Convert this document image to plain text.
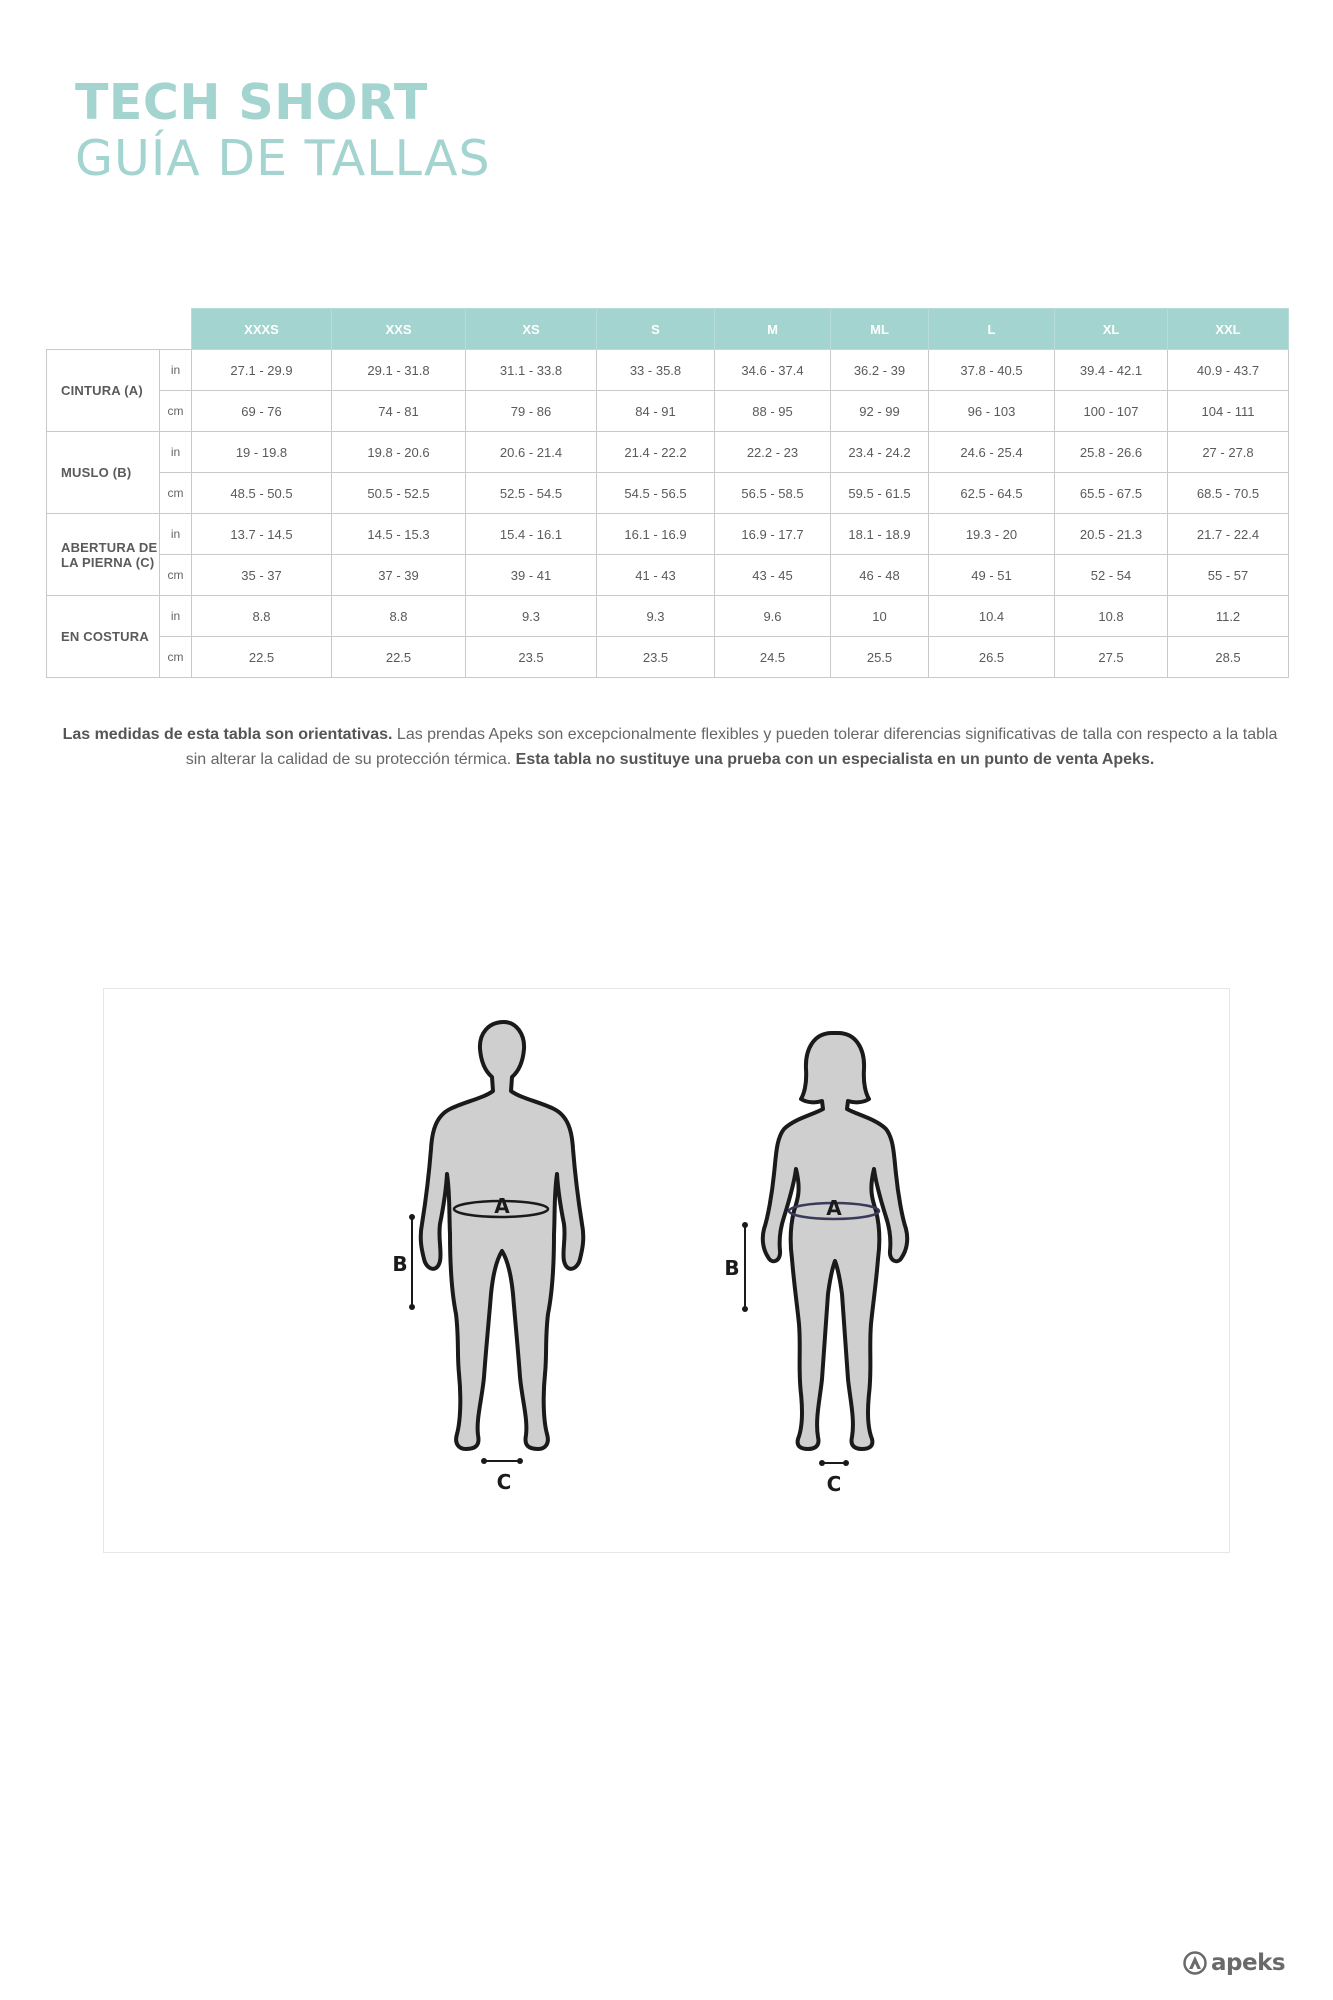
TECH SHORT
GUÍA DE TALLAS
		XXXS	XXS	XS	S	M	ML	L	XL	XXL
CINTURA (A)	in	27.1 - 29.9	29.1 - 31.8	31.1 - 33.8	33 - 35.8	34.6 - 37.4	36.2 - 39	37.8 - 40.5	39.4 - 42.1	40.9 - 43.7
	cm	69 - 76	74 - 81	79 - 86	84 - 91	88 - 95	92 - 99	96 - 103	100 - 107	104 - 111
MUSLO (B)	in	19 - 19.8	19.8 - 20.6	20.6 - 21.4	21.4 - 22.2	22.2 - 23	23.4 - 24.2	24.6 - 25.4	25.8 - 26.6	27 - 27.8
	cm	48.5 - 50.5	50.5 - 52.5	52.5 - 54.5	54.5 - 56.5	56.5 - 58.5	59.5 - 61.5	62.5 - 64.5	65.5 - 67.5	68.5 - 70.5
ABERTURA DE
LA PIERNA (C)	in	13.7 - 14.5	14.5 - 15.3	15.4 - 16.1	16.1 - 16.9	16.9 - 17.7	18.1 - 18.9	19.3 - 20	20.5 - 21.3	21.7 - 22.4
	cm	35 - 37	37 - 39	39 - 41	41 - 43	43 - 45	46 - 48	49 - 51	52 - 54	55 - 57
EN COSTURA	in	8.8	8.8	9.3	9.3	9.6	10	10.4	10.8	11.2
	cm	22.5	22.5	23.5	23.5	24.5	25.5	26.5	27.5	28.5

Las medidas de esta tabla son orientativas. Las prendas Apeks son excepcionalmente flexibles y pueden tolerar diferencias significativas de talla con respecto a la tabla sin alterar la calidad de su protección térmica. Esta tabla no sustituye una prueba con un especialista en un punto de venta Apeks.

A
B
C
A
B
C
apeks
